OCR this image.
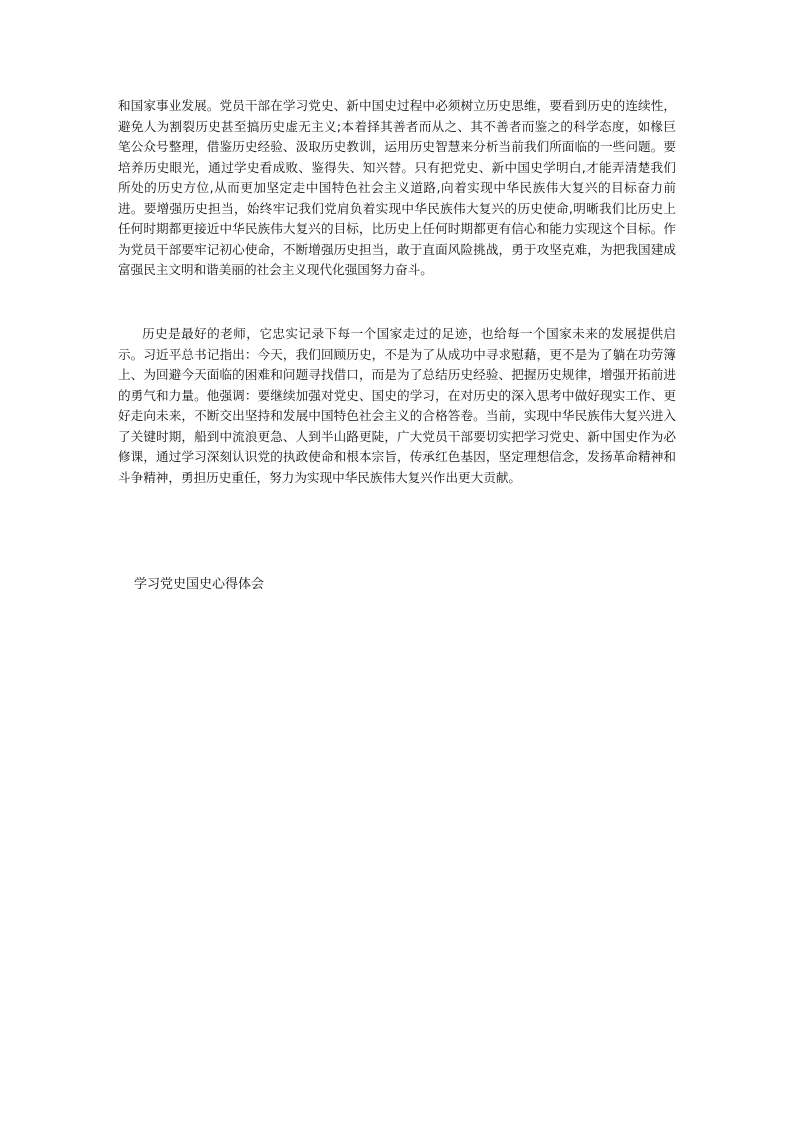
和国家事业发展。党员干部在学习党史、新中国史过程中必须树立历史思维，要看到历史的连续性，避免人为割裂历史甚至搞历史虚无主义;本着择其善者而从之、其不善者而鉴之的科学态度，如椽巨笔公众号整理，借鉴历史经验、汲取历史教训，运用历史智慧来分析当前我们所面临的一些问题。要培养历史眼光，通过学史看成败、鉴得失、知兴替。只有把党史、新中国史学明白,才能弄清楚我们所处的历史方位,从而更加坚定走中国特色社会主义道路,向着实现中华民族伟大复兴的目标奋力前进。要增强历史担当，始终牢记我们党肩负着实现中华民族伟大复兴的历史使命,明晰我们比历史上任何时期都更接近中华民族伟大复兴的目标，比历史上任何时期都更有信心和能力实现这个目标。作为党员干部要牢记初心使命，不断增强历史担当，敢于直面风险挑战，勇于攻坚克难，为把我国建成富强民主文明和谐美丽的社会主义现代化强国努力奋斗。

历史是最好的老师，它忠实记录下每一个国家走过的足迹，也给每一个国家未来的发展提供启示。习近平总书记指出：今天，我们回顾历史，不是为了从成功中寻求慰藉，更不是为了躺在功劳簿上、为回避今天面临的困难和问题寻找借口，而是为了总结历史经验、把握历史规律，增强开拓前进的勇气和力量。他强调：要继续加强对党史、国史的学习，在对历史的深入思考中做好现实工作、更好走向未来，不断交出坚持和发展中国特色社会主义的合格答卷。当前，实现中华民族伟大复兴进入了关键时期，船到中流浪更急、人到半山路更陡，广大党员干部要切实把学习党史、新中国史作为必修课，通过学习深刻认识党的执政使命和根本宗旨，传承红色基因，坚定理想信念，发扬革命精神和斗争精神，勇担历史重任，努力为实现中华民族伟大复兴作出更大贡献。

学习党史国史心得体会
